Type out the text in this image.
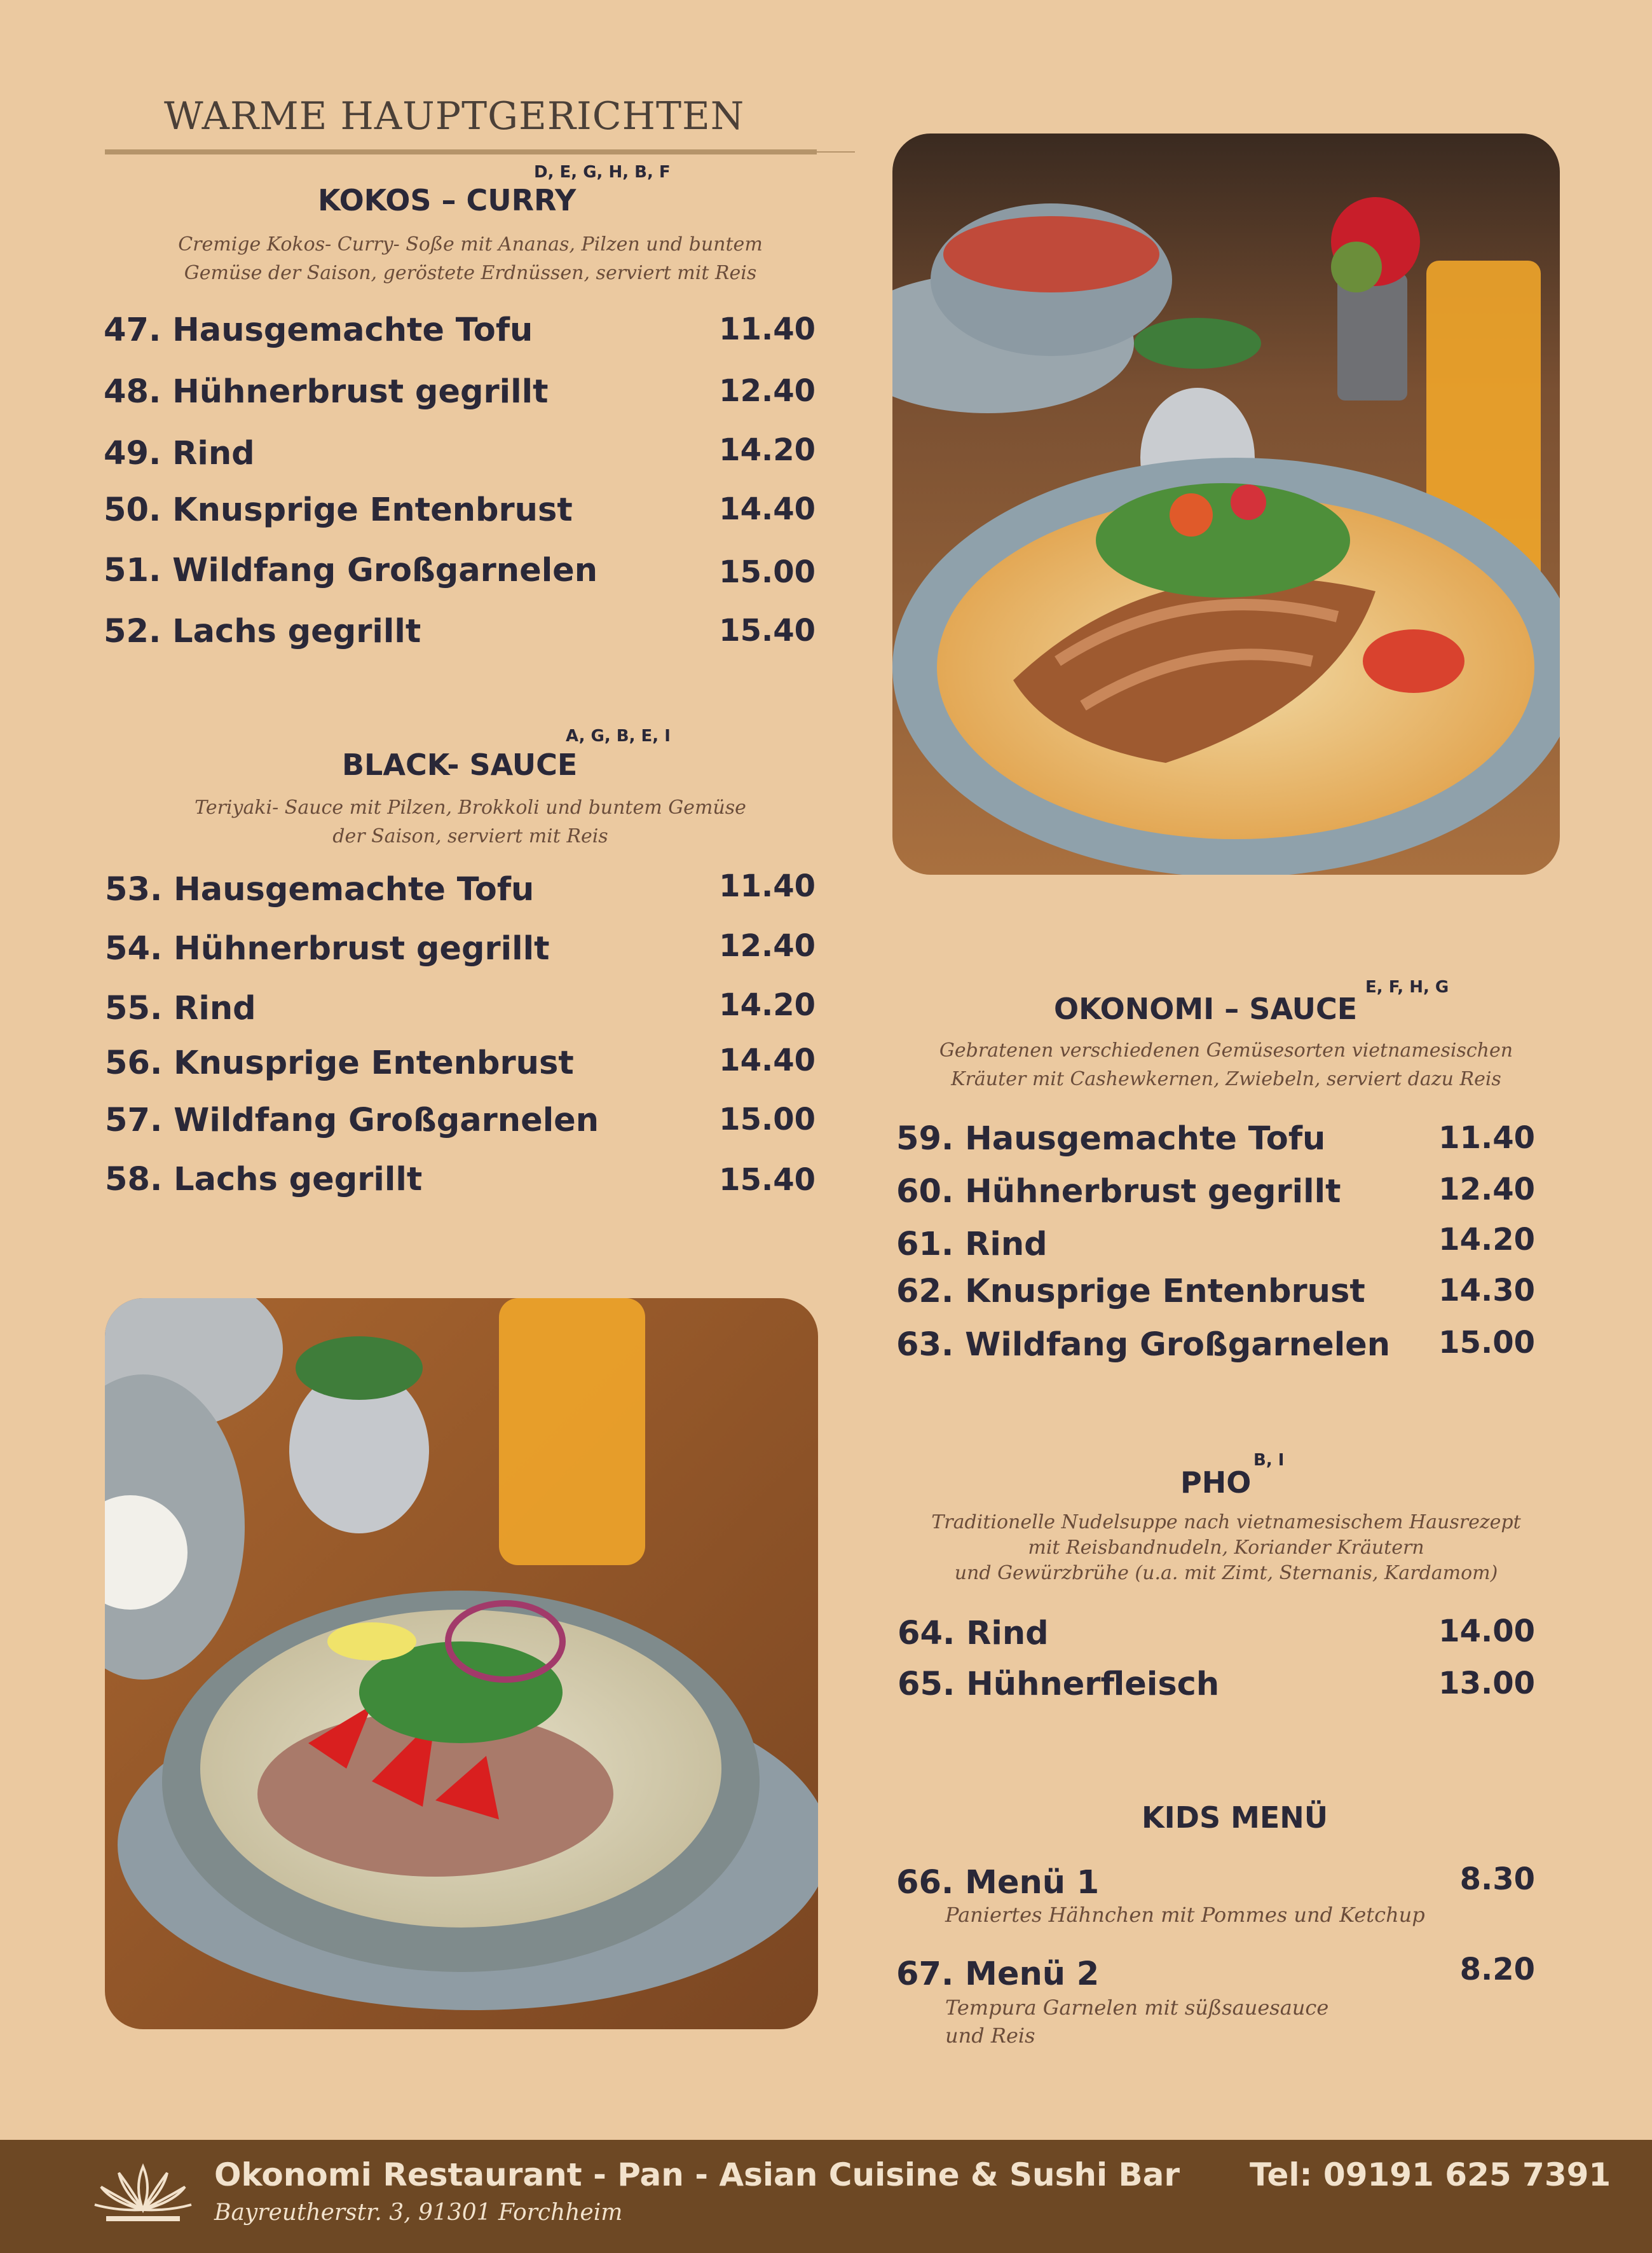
WARME HAUPTGERICHTEN
KOKOS – CURRY
D, E, G, H, B, F
Cremige Kokos- Curry- Soße mit Ananas, Pilzen und buntem
Gemüse der Saison, geröstete Erdnüssen, serviert mit Reis
47. Hausgemachte Tofu	11.40
48. Hühnerbrust gegrillt	12.40
49. Rind	14.20
50. Knusprige Entenbrust	14.40
51. Wildfang Großgarnelen	15.00
52. Lachs gegrillt	15.40
BLACK- SAUCE
A, G, B, E, I
Teriyaki- Sauce mit Pilzen, Brokkoli und buntem Gemüse
der Saison, serviert mit Reis
53. Hausgemachte Tofu	11.40
54. Hühnerbrust gegrillt	12.40
55. Rind	14.20
56. Knusprige Entenbrust	14.40
57. Wildfang Großgarnelen	15.00
58. Lachs gegrillt	15.40
OKONOMI – SAUCE
E, F, H, G
Gebratenen verschiedenen Gemüsesorten vietnamesischen
Kräuter mit Cashewkernen, Zwiebeln, serviert dazu Reis
59. Hausgemachte Tofu	11.40
60. Hühnerbrust gegrillt	12.40
61. Rind	14.20
62. Knusprige Entenbrust	14.30
63. Wildfang Großgarnelen	15.00
PHO
B, I
Traditionelle Nudelsuppe nach vietnamesischem Hausrezept
mit Reisbandnudeln, Koriander Kräutern
und Gewürzbrühe (u.a. mit Zimt, Sternanis, Kardamom)
64. Rind	14.00
65. Hühnerfleisch	13.00
KIDS MENÜ
66. Menü 1	8.30
Paniertes Hähnchen mit Pommes und Ketchup
67. Menü 2	8.20
Tempura Garnelen mit süßsauesauce
und Reis
Okonomi Restaurant - Pan - Asian Cuisine & Sushi Bar
Bayreutherstr. 3, 91301 Forchheim
Tel: 09191 625 7391
